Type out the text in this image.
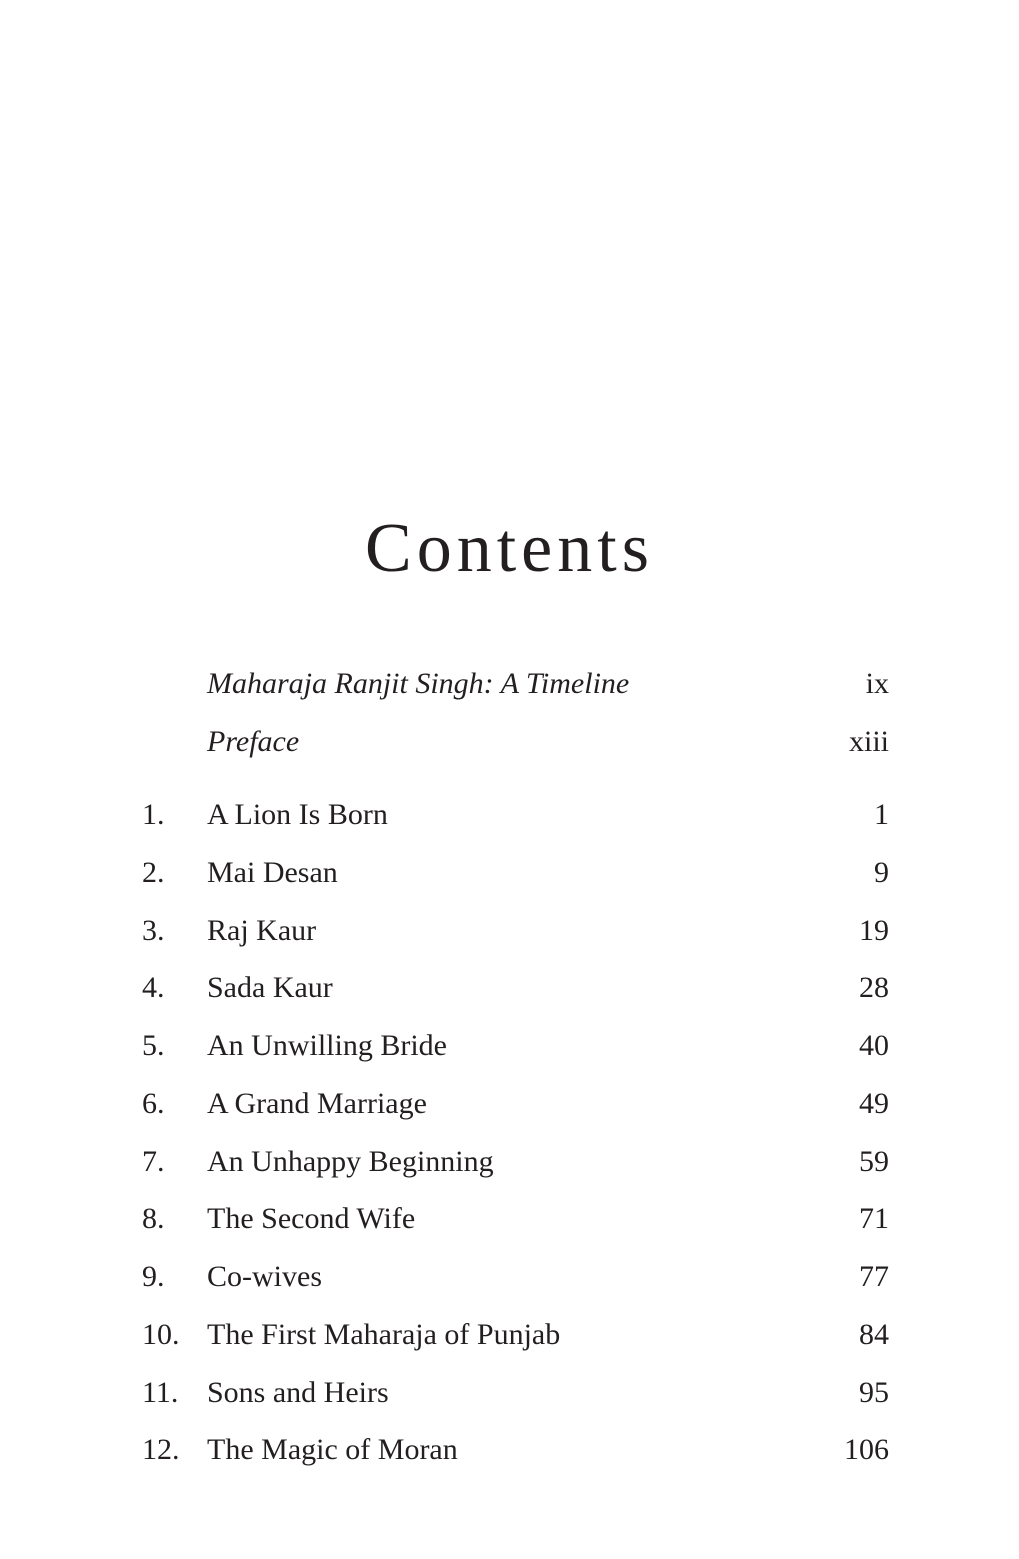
Contents
Maharaja Ranjit Singh: A Timeline	ix
Preface	xiii
1.	A Lion Is Born	1
2.	Mai Desan	9
3.	Raj Kaur	19
4.	Sada Kaur	28
5.	An Unwilling Bride	40
6.	A Grand Marriage	49
7.	An Unhappy Beginning	59
8.	The Second Wife	71
9.	Co-wives	77
10. The First Maharaja of Punjab	84
11. Sons and Heirs	95
12. The Magic of Moran	106
